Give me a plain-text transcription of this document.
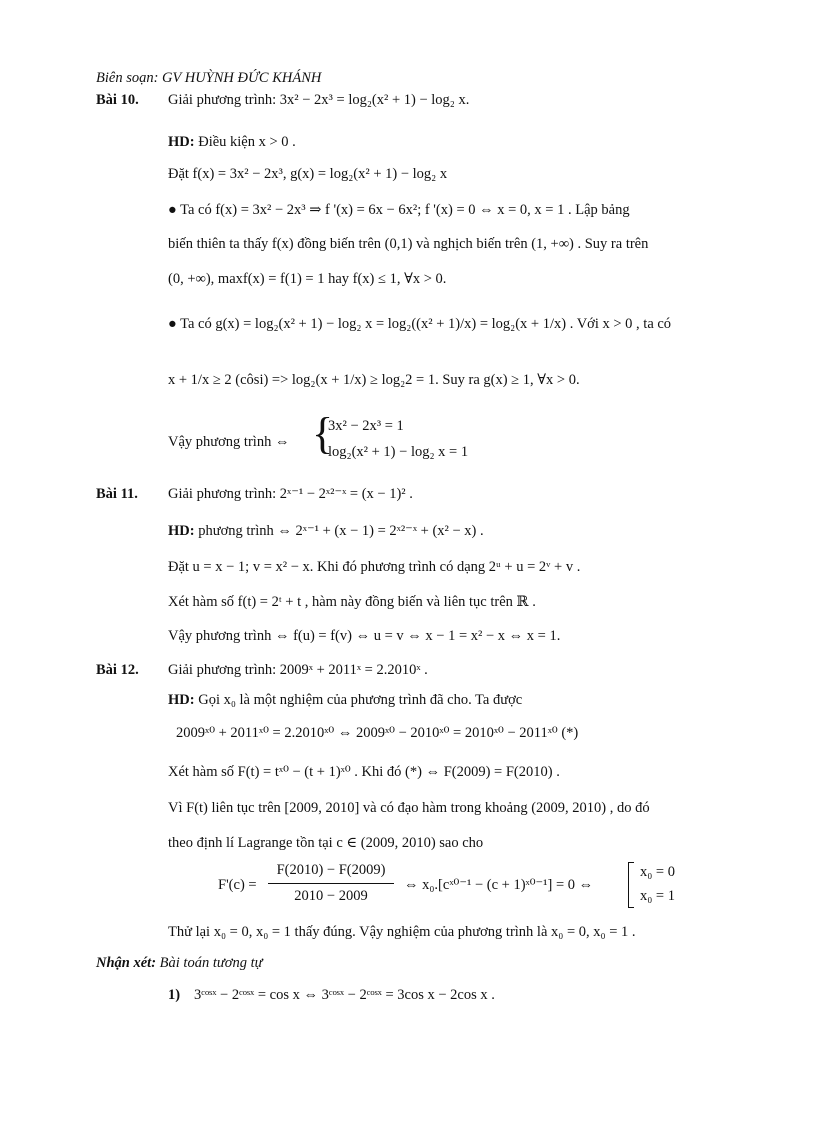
Biên soạn: GV HUỲNH ĐỨC KHÁNH
Bài 10. Giải phương trình: 3x² − 2x³ = log₂(x² + 1) − log₂ x.
HD: Điều kiện x > 0 .
Đặt f(x) = 3x² − 2x³, g(x) = log₂(x² + 1) − log₂ x
● Ta có f(x) = 3x² − 2x³ ⇒ f '(x) = 6x − 6x²; f '(x) = 0 ⇔ x = 0, x = 1 . Lập bảng
biến thiên ta thấy f(x) đồng biến trên (0,1) và nghịch biến trên (1, +∞) . Suy ra trên
(0, +∞), maxf(x) = f(1) = 1 hay f(x) ≤ 1, ∀x > 0.
● Ta có g(x) = log₂(x² + 1) − log₂ x = log₂((x² + 1)/x) = log₂(x + 1/x) . Với x > 0 , ta có
x + 1/x ≥ 2 (côsi) => log₂(x + 1/x) ≥ log₂2 = 1. Suy ra g(x) ≥ 1, ∀x > 0.
Vậy phương trình ⇔ {
3x² − 2x³ = 1
log₂(x² + 1) − log₂ x = 1
Bài 11. Giải phương trình: 2ˣ⁻¹ − 2ˣ²⁻ˣ = (x − 1)² .
HD: phương trình ⇔ 2ˣ⁻¹ + (x − 1) = 2ˣ²⁻ˣ + (x² − x) .
Đặt u = x − 1; v = x² − x. Khi đó phương trình có dạng 2ᵘ + u = 2ᵛ + v .
Xét hàm số f(t) = 2ᵗ + t , hàm này đồng biến và liên tục trên ℝ .
Vậy phương trình ⇔ f(u) = f(v) ⇔ u = v ⇔ x − 1 = x² − x ⇔ x = 1.
Bài 12. Giải phương trình: 2009ˣ + 2011ˣ = 2.2010ˣ .
HD: Gọi x₀ là một nghiệm của phương trình đã cho. Ta được
2009ˣ⁰ + 2011ˣ⁰ = 2.2010ˣ⁰ ⇔ 2009ˣ⁰ − 2010ˣ⁰ = 2010ˣ⁰ − 2011ˣ⁰ (*)
Xét hàm số F(t) = tˣ⁰ − (t + 1)ˣ⁰ . Khi đó (*) ⇔ F(2009) = F(2010) .
Vì F(t) liên tục trên [2009, 2010] và có đạo hàm trong khoảng (2009, 2010) , do đó
theo định lí Lagrange tồn tại c ∈ (2009, 2010) sao cho
F'(c) =
F(2010) − F(2009)
2010 − 2009
⇔ x₀.[cˣ⁰⁻¹ − (c + 1)ˣ⁰⁻¹] = 0 ⇔
x₀ = 0
x₀ = 1
Thử lại x₀ = 0, x₀ = 1 thấy đúng. Vậy nghiệm của phương trình là x₀ = 0, x₀ = 1 .
Nhận xét: Bài toán tương tự
1) 3ᶜᵒˢˣ − 2ᶜᵒˢˣ = cos x ⇔ 3ᶜᵒˢˣ − 2ᶜᵒˢˣ = 3cos x − 2cos x .
